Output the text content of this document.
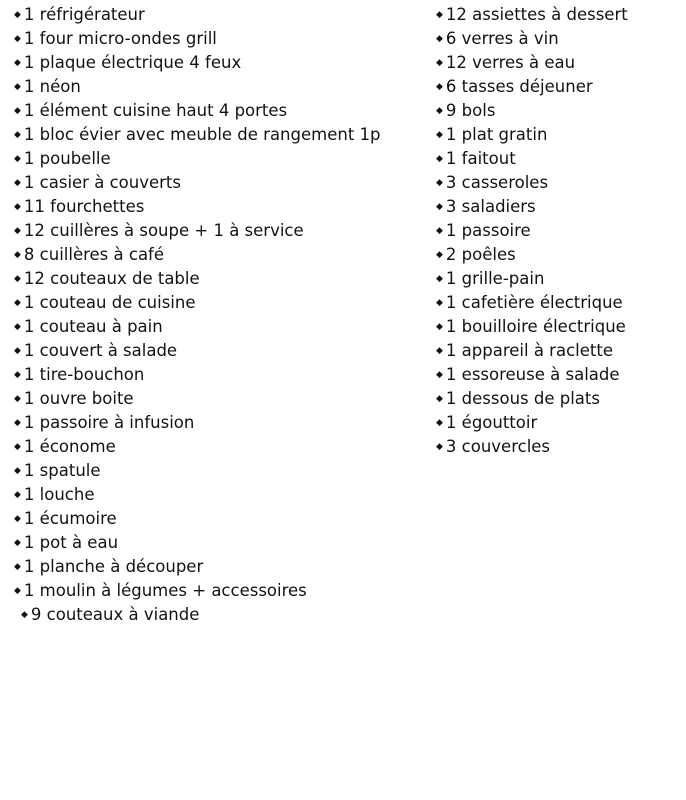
◆ 1 réfrigérateur
◆ 1 four micro-ondes grill
◆ 1 plaque électrique 4 feux
◆ 1 néon
◆ 1 élément cuisine haut 4 portes
◆ 1 bloc évier avec meuble de rangement 1p
◆ 1 poubelle
◆ 1 casier à couverts
◆ 11 fourchettes
◆ 12 cuillères à soupe + 1 à service
◆ 8 cuillères à café
◆ 12 couteaux de table
◆ 1 couteau de cuisine
◆ 1 couteau à pain
◆ 1 couvert à salade
◆ 1 tire-bouchon
◆ 1 ouvre boite
◆ 1 passoire à infusion
◆ 1 économe
◆ 1 spatule
◆ 1 louche
◆ 1 écumoire
◆ 1 pot à eau
◆ 1 planche à découper
◆ 1 moulin à légumes + accessoires
◆ 9 couteaux à viande
◆ 12 assiettes à dessert
◆ 6 verres à vin
◆ 12 verres à eau
◆ 6 tasses déjeuner
◆ 9 bols
◆ 1 plat gratin
◆ 1 faitout
◆ 3 casseroles
◆ 3 saladiers
◆ 1 passoire
◆ 2 poêles
◆ 1 grille-pain
◆ 1 cafetière électrique
◆ 1 bouilloire électrique
◆ 1 appareil à raclette
◆ 1 essoreuse à salade
◆ 1 dessous de plats
◆ 1 égouttoir
◆ 3 couvercles
